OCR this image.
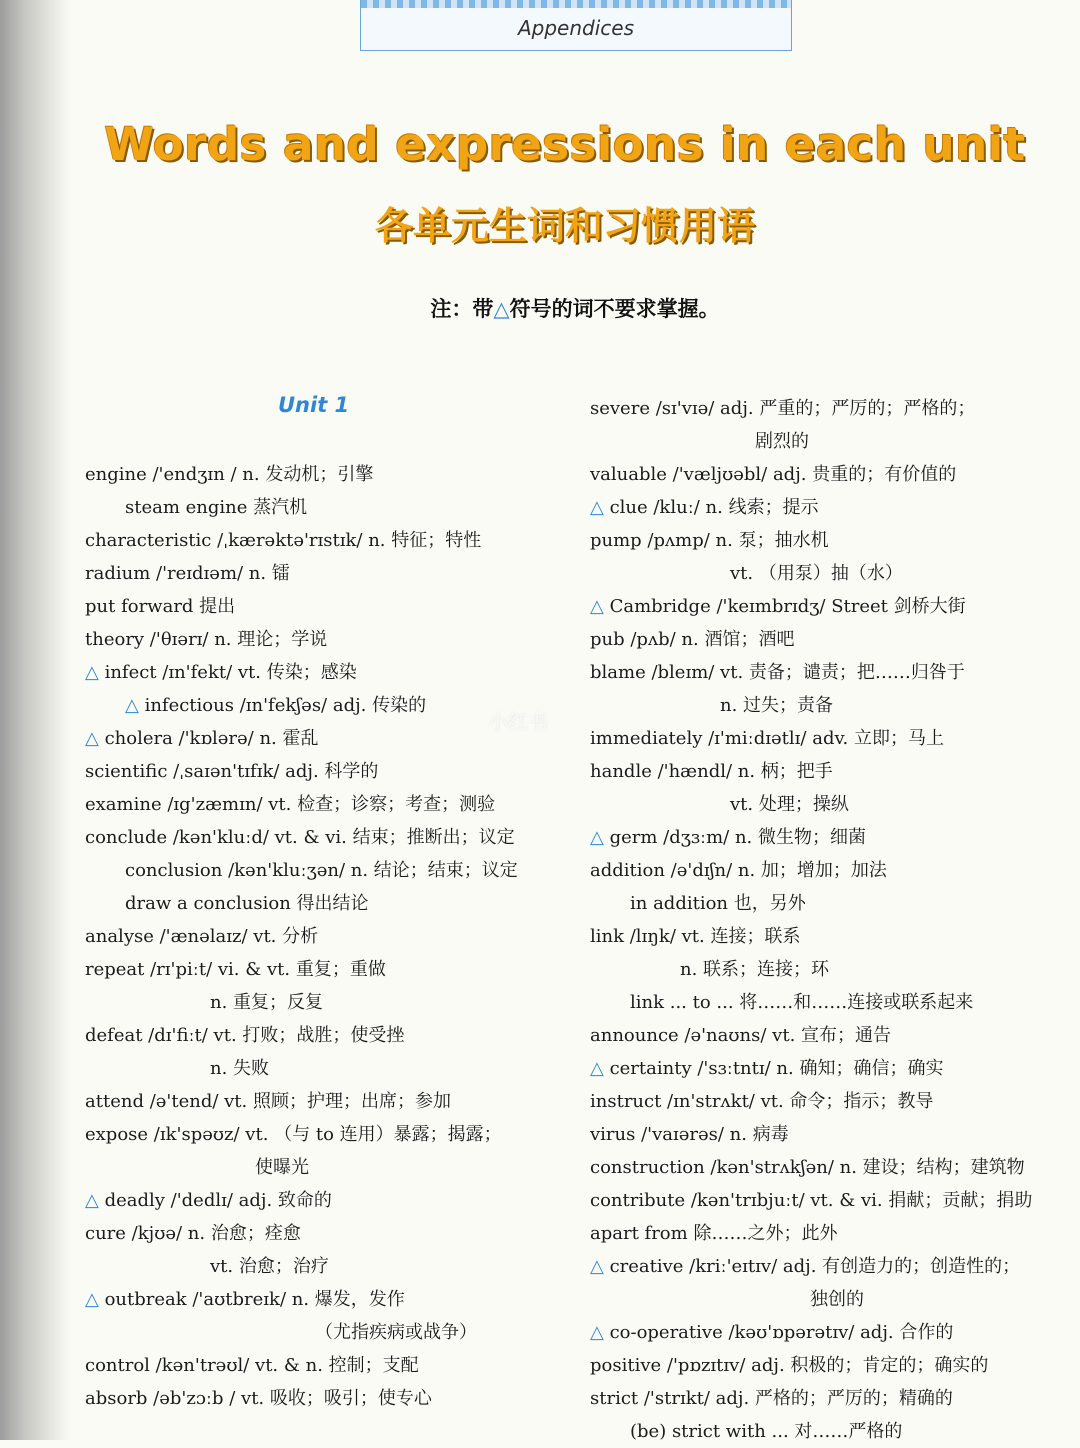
Appendices
Words and expressions in each unit
各单元生词和习惯用语
注：带△符号的词不要求掌握。
Unit 1
engine /'endʒɪn / n. 发动机；引擎
steam engine 蒸汽机
characteristic /ˌkærəktə'rɪstɪk/ n. 特征；特性
radium /'reɪdɪəm/ n. 镭
put forward 提出
theory /'θɪərɪ/ n. 理论；学说
△ infect /ɪn'fekt/ vt. 传染；感染
△ infectious /ɪn'fekʃəs/ adj. 传染的
△ cholera /'kɒlərə/ n. 霍乱
scientific /ˌsaɪən'tɪfɪk/ adj. 科学的
examine /ɪg'zæmɪn/ vt. 检查；诊察；考查；测验
conclude /kən'kluːd/ vt. & vi. 结束；推断出；议定
conclusion /kən'kluːʒən/ n. 结论；结束；议定
draw a conclusion 得出结论
analyse /'ænəlaɪz/ vt. 分析
repeat /rɪ'piːt/ vi. & vt. 重复；重做
n. 重复；反复
defeat /dɪ'fiːt/ vt. 打败；战胜；使受挫
n. 失败
attend /ə'tend/ vt. 照顾；护理；出席；参加
expose /ɪk'spəʊz/ vt. （与 to 连用）暴露；揭露；
使曝光
△ deadly /'dedlɪ/ adj. 致命的
cure /kjʊə/ n. 治愈；痊愈
vt. 治愈；治疗
△ outbreak /'aʊtbreɪk/ n. 爆发，发作
（尤指疾病或战争）
control /kən'trəʊl/ vt. & n. 控制；支配
absorb /əb'zɔːb / vt. 吸收；吸引；使专心
severe /sɪ'vɪə/ adj. 严重的；严厉的；严格的；
剧烈的
valuable /'væljʊəbl/ adj. 贵重的；有价值的
△ clue /kluː/ n. 线索；提示
pump /pʌmp/ n. 泵；抽水机
vt. （用泵）抽（水）
△ Cambridge /'keɪmbrɪdʒ/ Street 剑桥大街
pub /pʌb/ n. 酒馆；酒吧
blame /bleɪm/ vt. 责备；谴责；把……归咎于
n. 过失；责备
immediately /ɪ'miːdɪətlɪ/ adv. 立即；马上
handle /'hændl/ n. 柄；把手
vt. 处理；操纵
△ germ /dʒɜːm/ n. 微生物；细菌
addition /ə'dɪʃn/ n. 加；增加；加法
in addition 也，另外
link /lɪŋk/ vt. 连接；联系
n. 联系；连接；环
link ... to ... 将……和……连接或联系起来
announce /ə'naʊns/ vt. 宣布；通告
△ certainty /'sɜːtntɪ/ n. 确知；确信；确实
instruct /ɪn'strʌkt/ vt. 命令；指示；教导
virus /'vaɪərəs/ n. 病毒
construction /kən'strʌkʃən/ n. 建设；结构；建筑物
contribute /kən'trɪbjuːt/ vt. & vi. 捐献；贡献；捐助
apart from 除……之外；此外
△ creative /kriː'eɪtɪv/ adj. 有创造力的；创造性的；
独创的
△ co-operative /kəʊ'ɒpərətɪv/ adj. 合作的
positive /'pɒzɪtɪv/ adj. 积极的；肯定的；确实的
strict /'strɪkt/ adj. 严格的；严厉的；精确的
(be) strict with ... 对……严格的
小红书
